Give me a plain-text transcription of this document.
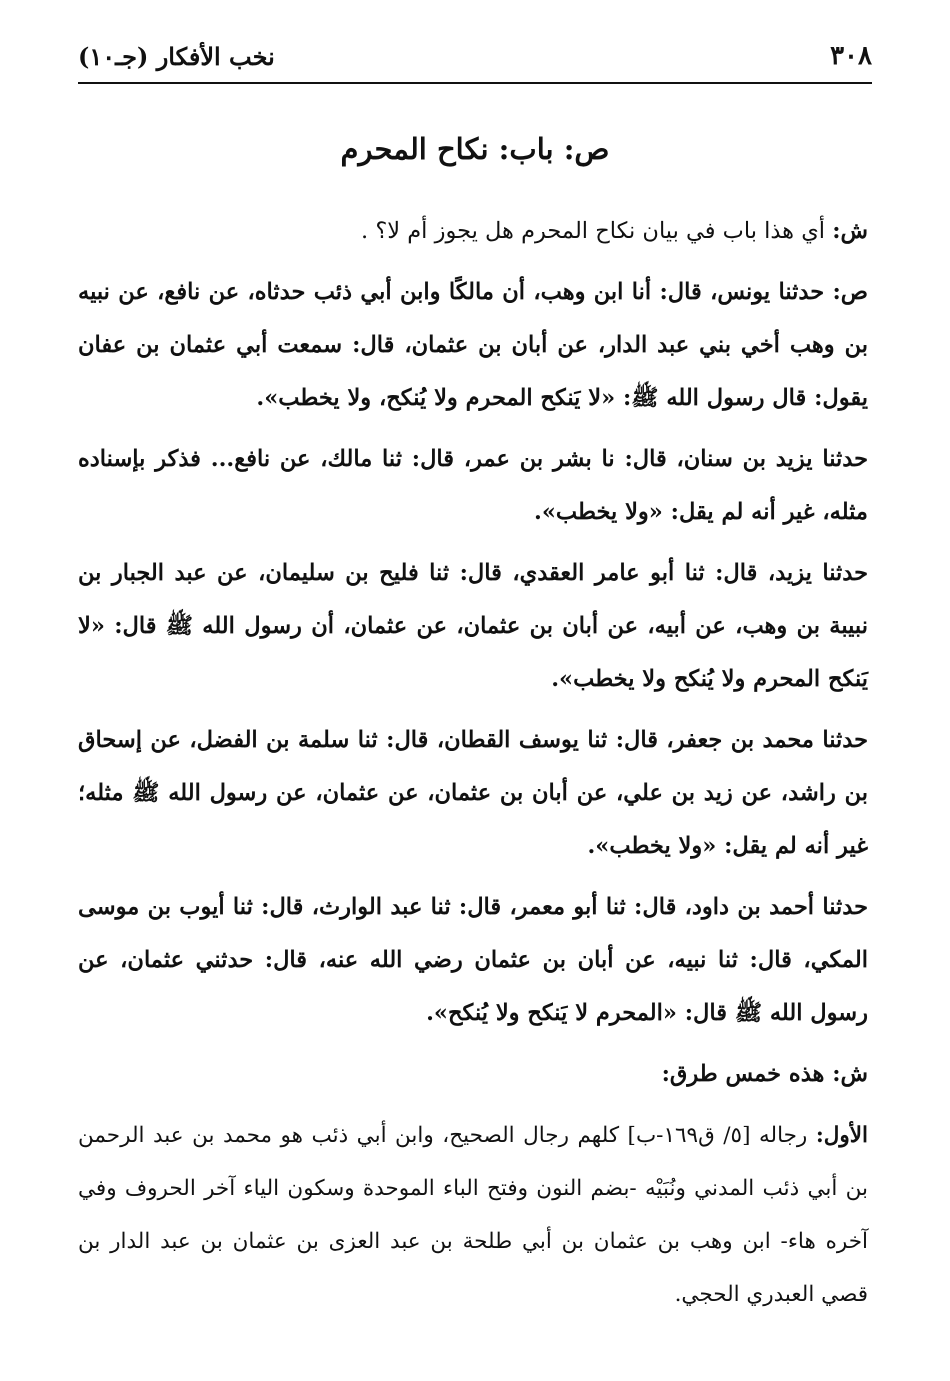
٣٠٨
نخب الأفكار (جـ١٠)
ص: باب: نكاح المحرم

ش: أي هذا باب في بيان نكاح المحرم هل يجوز أم لا؟ .

ص: حدثنا يونس، قال: أنا ابن وهب، أن مالكًا وابن أبي ذئب حدثاه، عن نافع، عن نبيه بن وهب أخي بني عبد الدار، عن أبان بن عثمان، قال: سمعت أبي عثمان بن عفان يقول: قال رسول الله ﷺ: «لا يَنكح المحرم ولا يُنكح، ولا يخطب».

حدثنا يزيد بن سنان، قال: نا بشر بن عمر، قال: ثنا مالك، عن نافع... فذكر بإسناده مثله، غير أنه لم يقل: «ولا يخطب».

حدثنا يزيد، قال: ثنا أبو عامر العقدي، قال: ثنا فليح بن سليمان، عن عبد الجبار بن نبيبة بن وهب، عن أبيه، عن أبان بن عثمان، عن عثمان، أن رسول الله ﷺ قال: «لا يَنكح المحرم ولا يُنكح ولا يخطب».

حدثنا محمد بن جعفر، قال: ثنا يوسف القطان، قال: ثنا سلمة بن الفضل، عن إسحاق بن راشد، عن زيد بن علي، عن أبان بن عثمان، عن عثمان، عن رسول الله ﷺ مثله؛ غير أنه لم يقل: «ولا يخطب».

حدثنا أحمد بن داود، قال: ثنا أبو معمر، قال: ثنا عبد الوارث، قال: ثنا أيوب بن موسى المكي، قال: ثنا نبيه، عن أبان بن عثمان رضي الله عنه، قال: حدثني عثمان، عن رسول الله ﷺ قال: «المحرم لا يَنكح ولا يُنكح».

ش: هذه خمس طرق:

الأول: رجاله [٥/ ق١٦٩-ب] كلهم رجال الصحيح، وابن أبي ذئب هو محمد بن عبد الرحمن بن أبي ذئب المدني ونُبَيْه -بضم النون وفتح الباء الموحدة وسكون الياء آخر الحروف وفي آخره هاء- ابن وهب بن عثمان بن أبي طلحة بن عبد العزى بن عثمان بن عبد الدار بن قصي العبدري الحجي.
